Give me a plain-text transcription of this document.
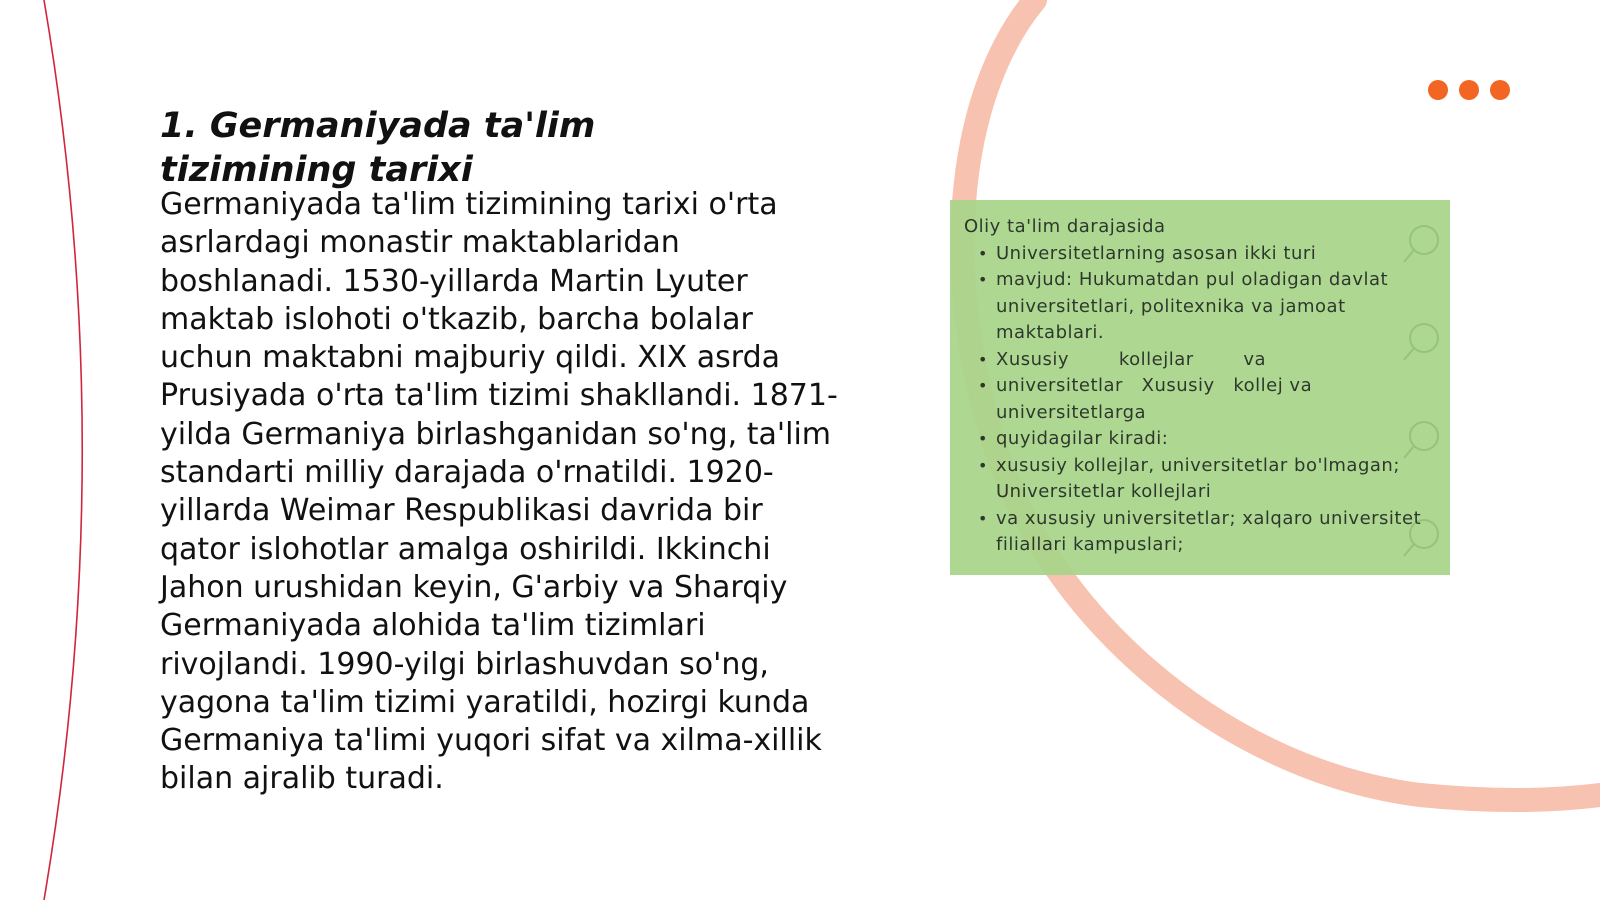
1. Germaniyada ta'lim tizimining tarixi

Germaniyada ta'lim tizimining tarixi o'rta asrlardagi monastir maktablaridan boshlanadi. 1530-yillarda Martin Lyuter maktab islohoti o'tkazib, barcha bolalar uchun maktabni majburiy qildi. XIX asrda Prusiyada o'rta ta'lim tizimi shakllandi. 1871-yilda Germaniya birlashganidan so'ng, ta'lim standarti milliy darajada o'rnatildi. 1920-yillarda Weimar Respublikasi davrida bir qator islohotlar amalga oshirildi. Ikkinchi Jahon urushidan keyin, G'arbiy va Sharqiy Germaniyada alohida ta'lim tizimlari rivojlandi. 1990-yilgi birlashuvdan so'ng, yagona ta'lim tizimi yaratildi, hozirgi kunda Germaniya ta'limi yuqori sifat va xilma-xillik bilan ajralib turadi.

Oliy ta'lim darajasida

• Universitetlarning asosan ikki turi
• mavjud: Hukumatdan pul oladigan davlat universitetlari, politexnika va jamoat maktablari.
• Xususiy        kollejlar        va
• universitetlar   Xususiy   kollej va                    universitetlarga
• quyidagilar kiradi:
• xususiy kollejlar, universitetlar bo'lmagan; Universitetlar kollejlari
• va xususiy universitetlar; xalqaro universitet filiallari kampuslari;
